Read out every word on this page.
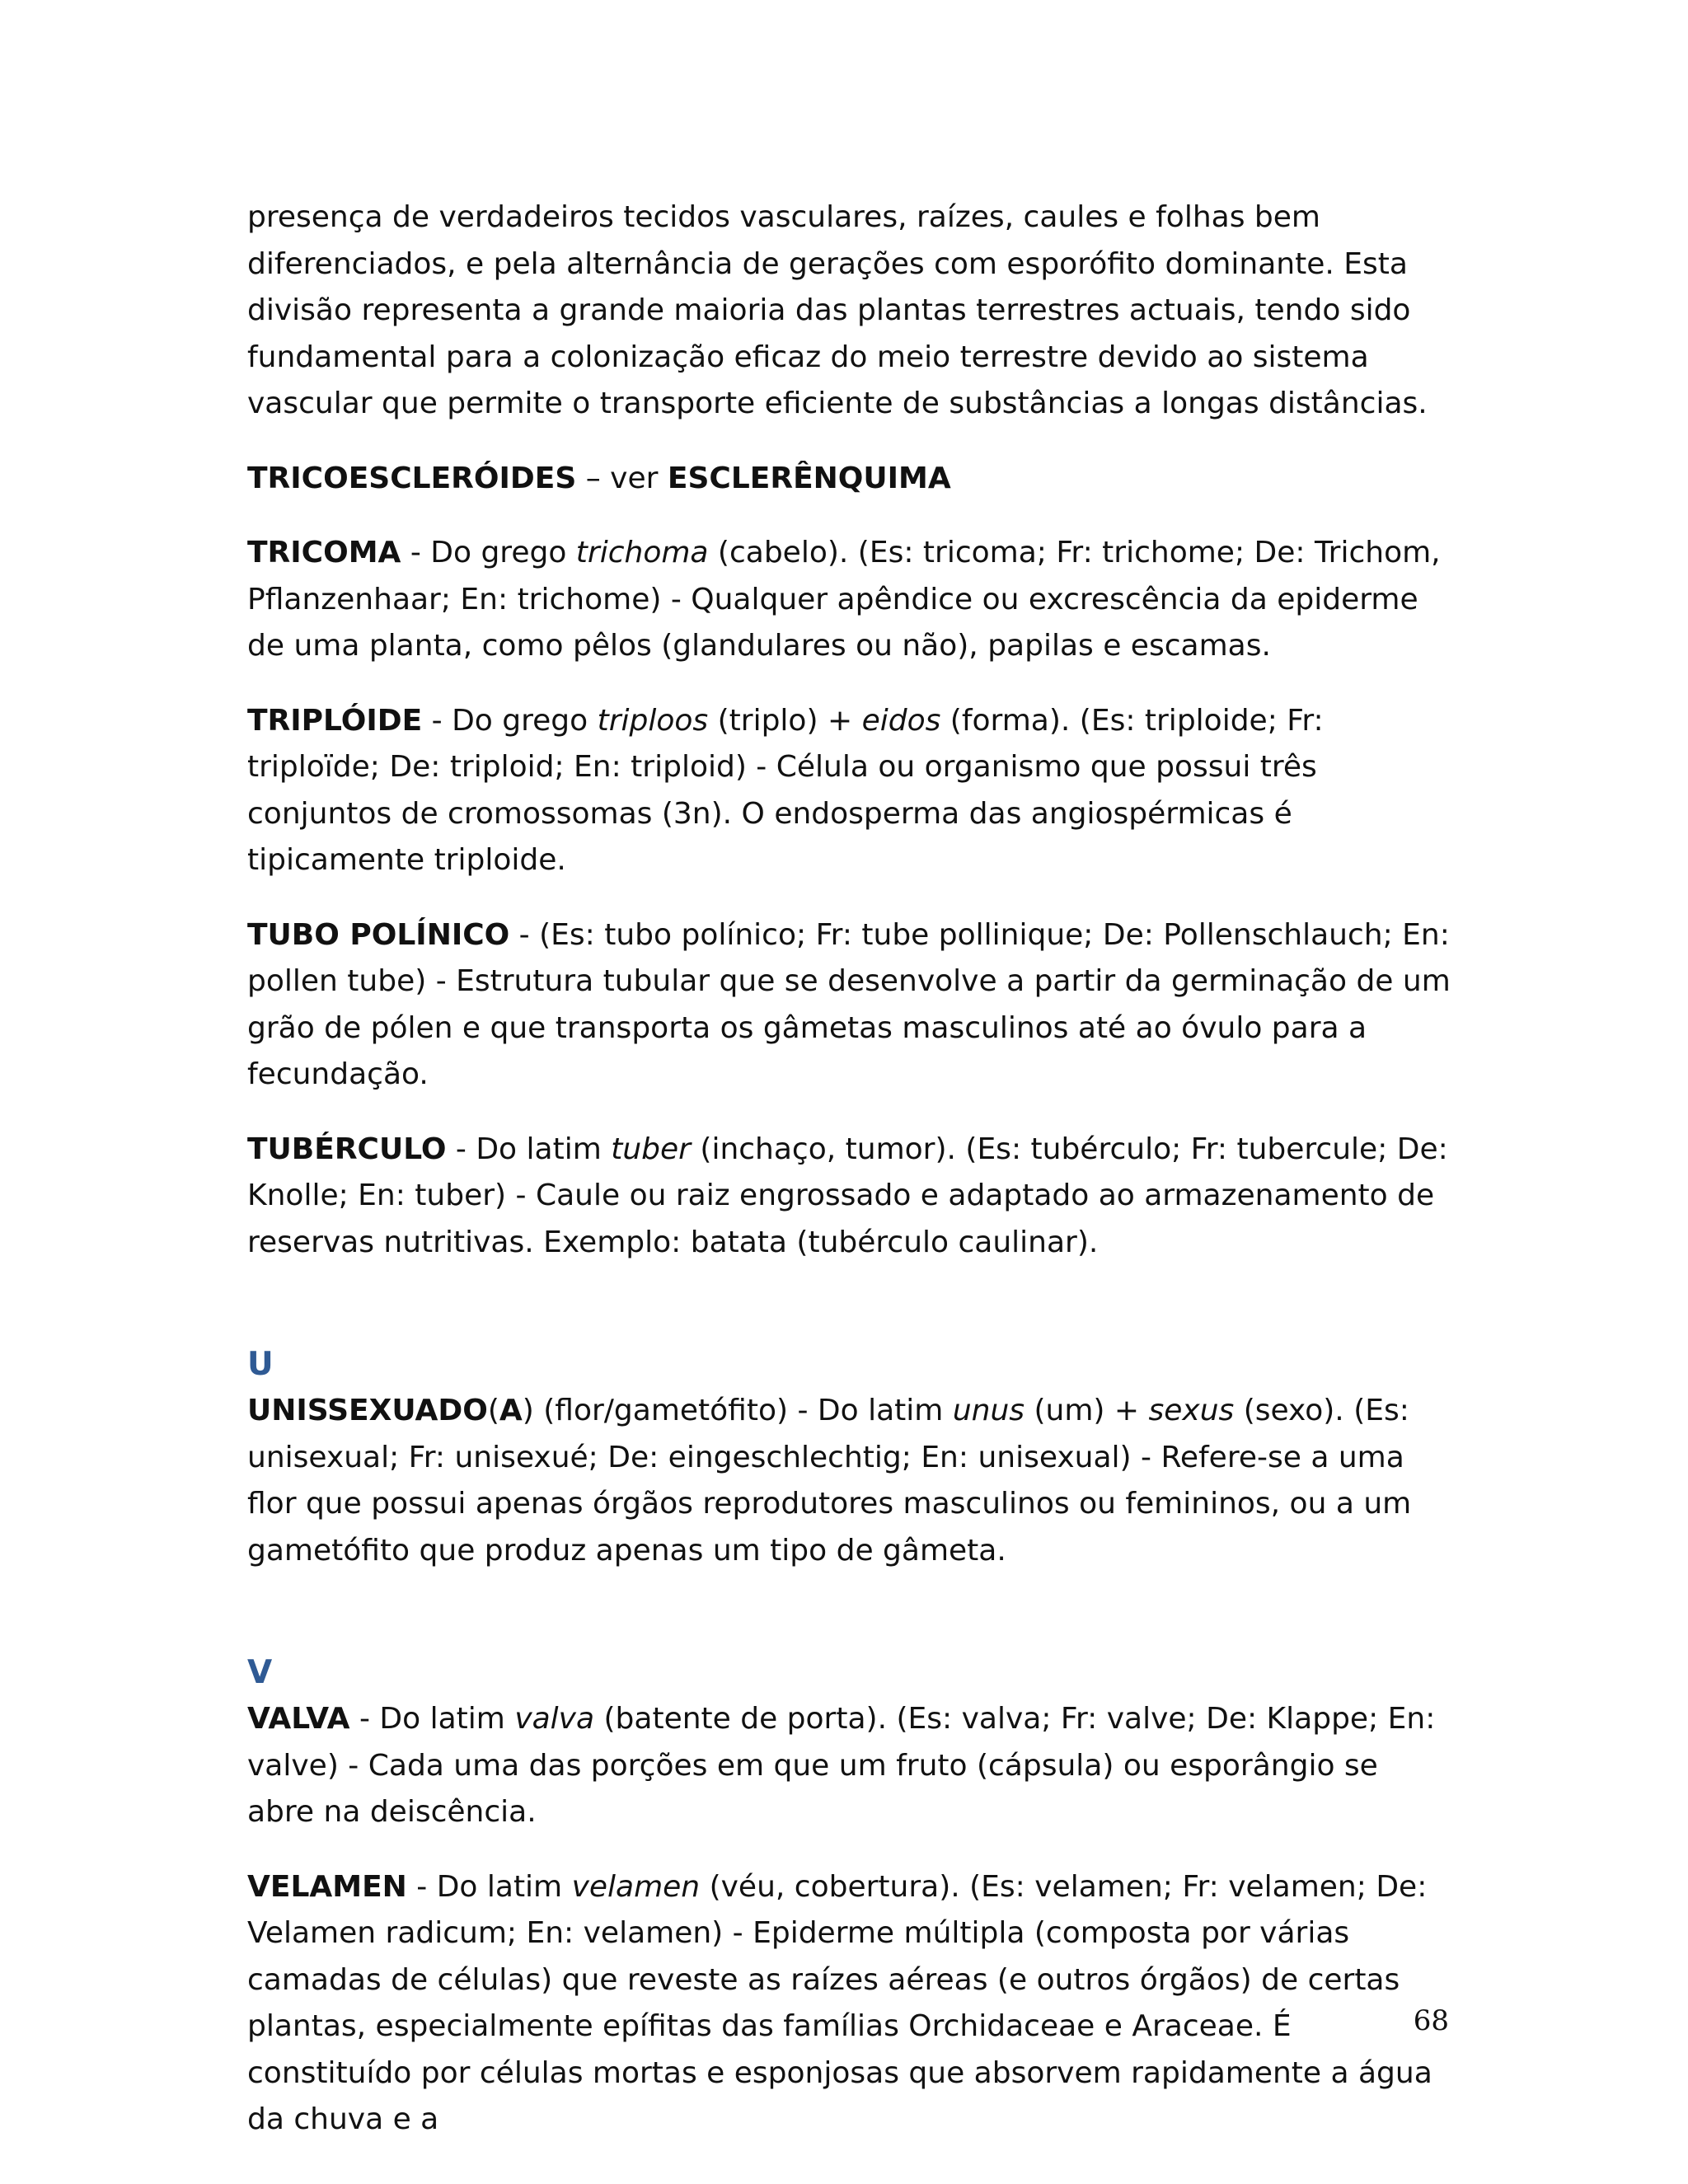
presença de verdadeiros tecidos vasculares, raízes, caules e folhas bem diferenciados, e pela alternância de gerações com esporófito dominante. Esta divisão representa a grande maioria das plantas terrestres actuais, tendo sido fundamental para a colonização eficaz do meio terrestre devido ao sistema vascular que permite o transporte eficiente de substâncias a longas distâncias.

TRICOESCLERÓIDES – ver ESCLERÊNQUIMA

TRICOMA - Do grego trichoma (cabelo). (Es: tricoma; Fr: trichome; De: Trichom, Pflanzenhaar; En: trichome) - Qualquer apêndice ou excrescência da epiderme de uma planta, como pêlos (glandulares ou não), papilas e escamas.

TRIPLÓIDE - Do grego triploos (triplo) + eidos (forma). (Es: triploide; Fr: triploïde; De: triploid; En: triploid) - Célula ou organismo que possui três conjuntos de cromossomas (3n). O endosperma das angiospérmicas é tipicamente triploide.

TUBO POLÍNICO - (Es: tubo polínico; Fr: tube pollinique; De: Pollenschlauch; En: pollen tube) - Estrutura tubular que se desenvolve a partir da germinação de um grão de pólen e que transporta os gâmetas masculinos até ao óvulo para a fecundação.

TUBÉRCULO - Do latim tuber (inchaço, tumor). (Es: tubérculo; Fr: tubercule; De: Knolle; En: tuber) - Caule ou raiz engrossado e adaptado ao armazenamento de reservas nutritivas. Exemplo: batata (tubérculo caulinar).

U

UNISSEXUADO(A) (flor/gametófito) - Do latim unus (um) + sexus (sexo). (Es: unisexual; Fr: unisexué; De: eingeschlechtig; En: unisexual) - Refere-se a uma flor que possui apenas órgãos reprodutores masculinos ou femininos, ou a um gametófito que produz apenas um tipo de gâmeta.

V

VALVA - Do latim valva (batente de porta). (Es: valva; Fr: valve; De: Klappe; En: valve) - Cada uma das porções em que um fruto (cápsula) ou esporângio se abre na deiscência.

VELAMEN - Do latim velamen (véu, cobertura). (Es: velamen; Fr: velamen; De: Velamen radicum; En: velamen) - Epiderme múltipla (composta por várias camadas de células) que reveste as raízes aéreas (e outros órgãos) de certas plantas, especialmente epífitas das famílias Orchidaceae e Araceae. É constituído por células mortas e esponjosas que absorvem rapidamente a água da chuva e a

68
